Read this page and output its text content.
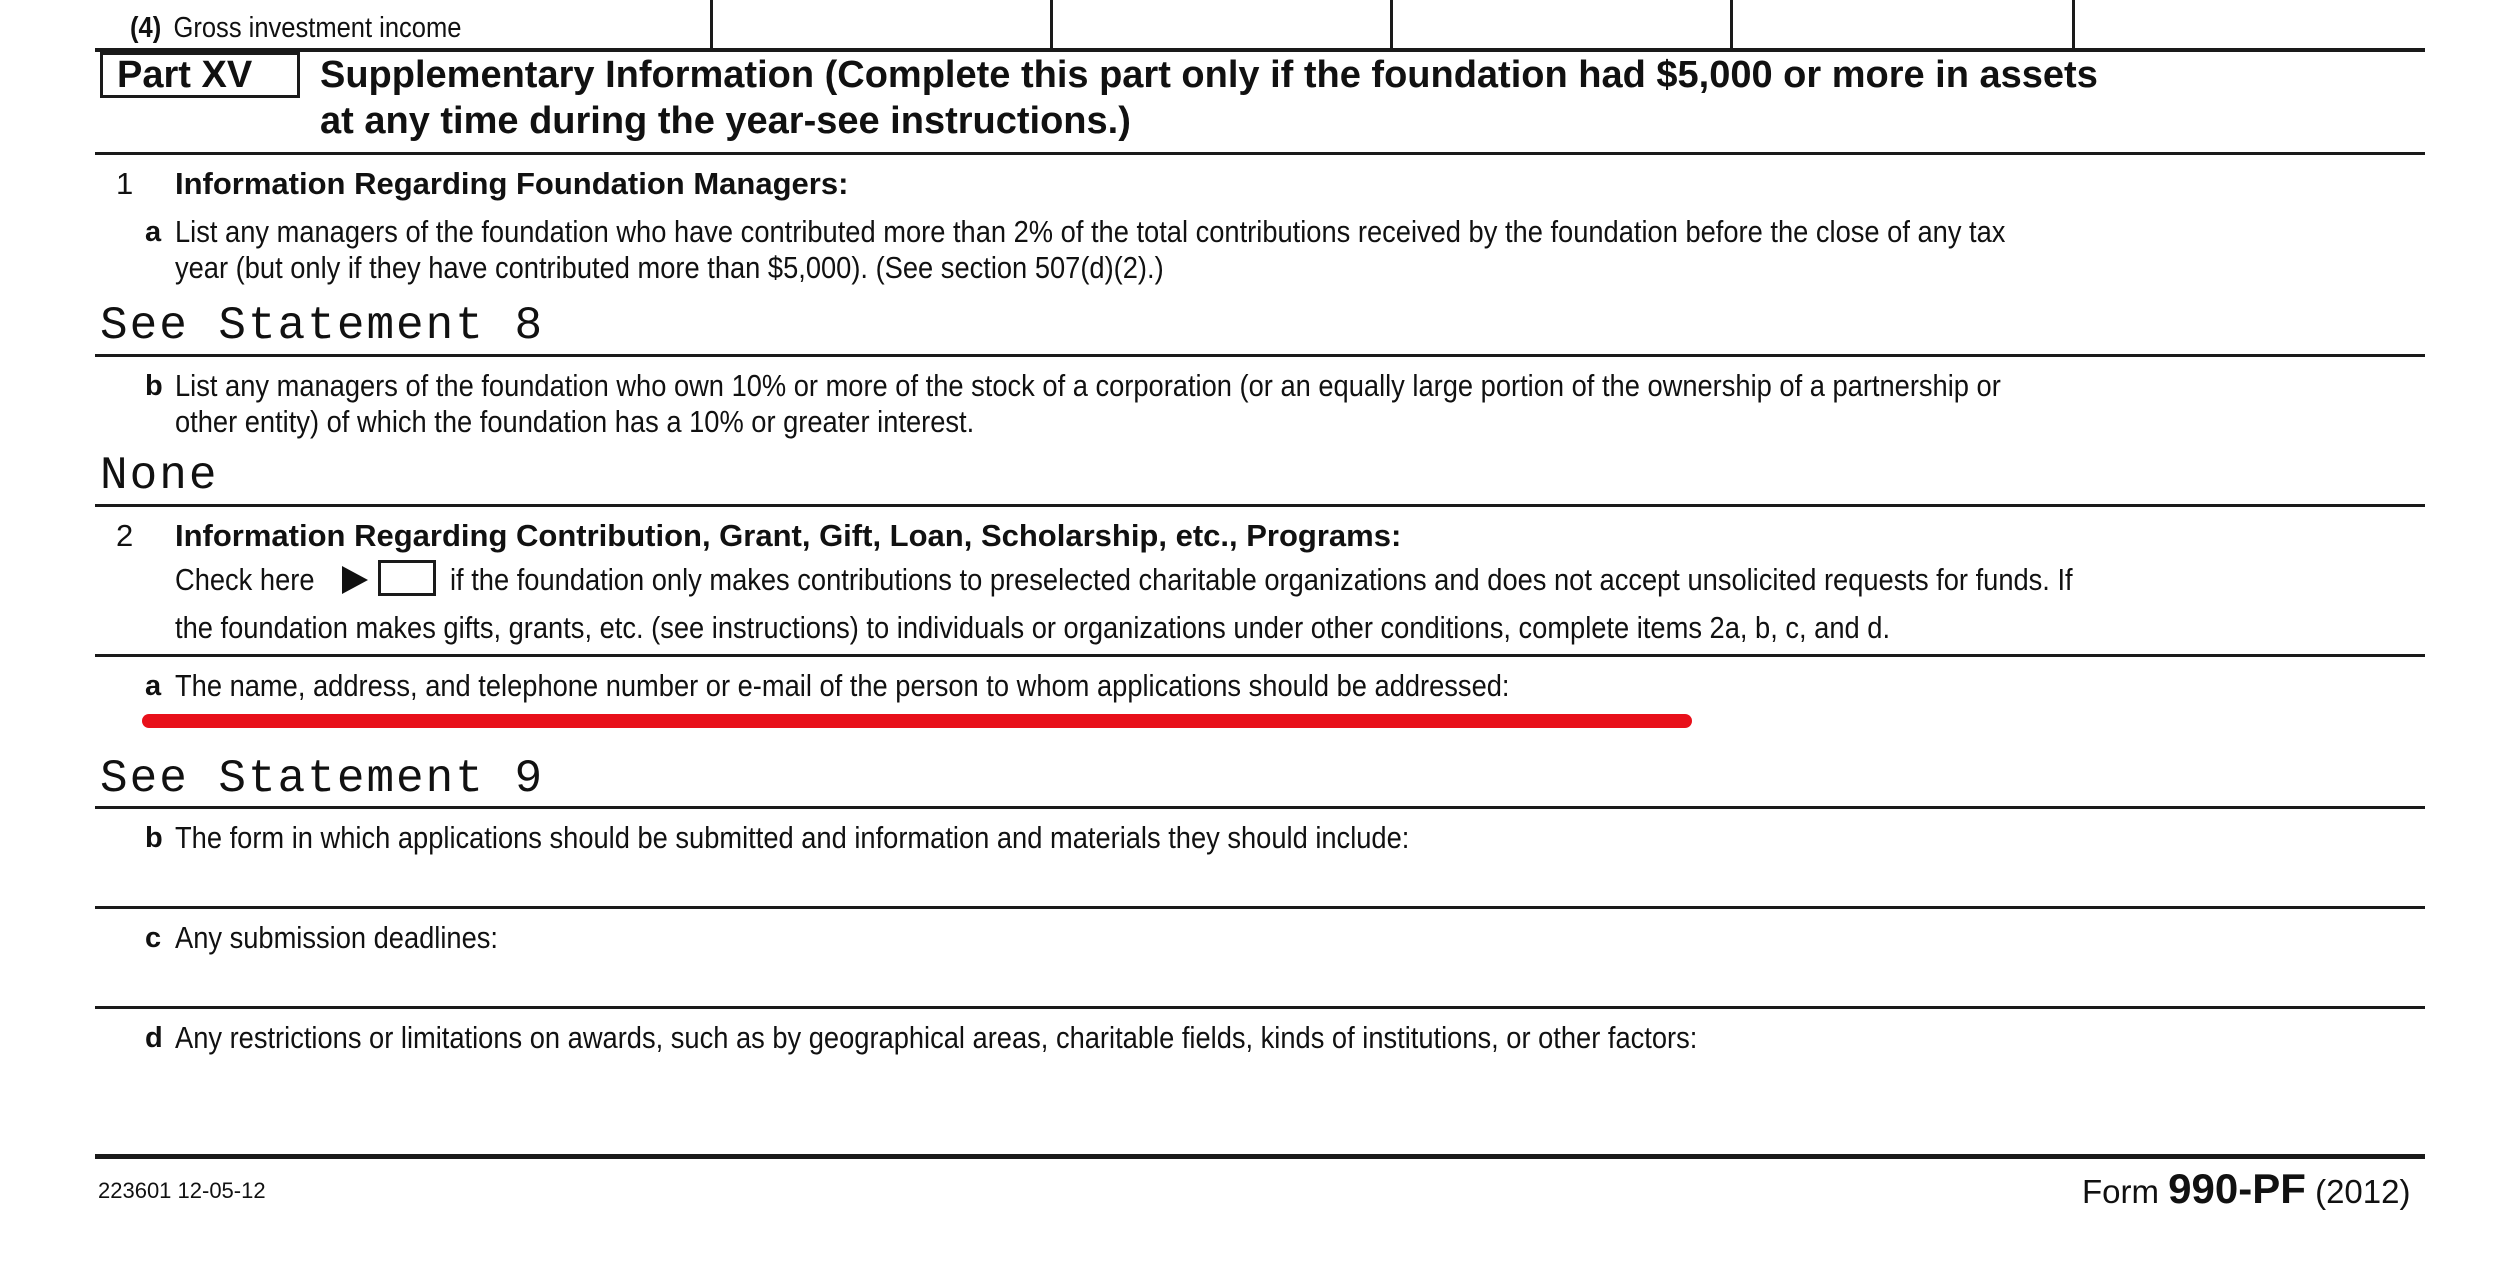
(4) Gross investment income
Part XV	Supplementary Information (Complete this part only if the foundation had $5,000 or more in assets
at any time during the year-see instructions.)
1 Information Regarding Foundation Managers:
a List any managers of the foundation who have contributed more than 2% of the total contributions received by the foundation before the close of any tax
year (but only if they have contributed more than $5,000). (See section 507(d)(2).)
See Statement 8
b List any managers of the foundation who own 10% or more of the stock of a corporation (or an equally large portion of the ownership of a partnership or
other entity) of which the foundation has a 10% or greater interest.
None
2 Information Regarding Contribution, Grant, Gift, Loan, Scholarship, etc., Programs:
Check here	if the foundation only makes contributions to preselected charitable organizations and does not accept unsolicited requests for funds. If
the foundation makes gifts, grants, etc. (see instructions) to individuals or organizations under other conditions, complete items 2a, b, c, and d.
a The name, address, and telephone number or e-mail of the person to whom applications should be addressed:
See Statement 9
b The form in which applications should be submitted and information and materials they should include:
c Any submission deadlines:
d Any restrictions or limitations on awards, such as by geographical areas, charitable fields, kinds of institutions, or other factors:
223601 12-05-12	Form 990-PF (2012)
